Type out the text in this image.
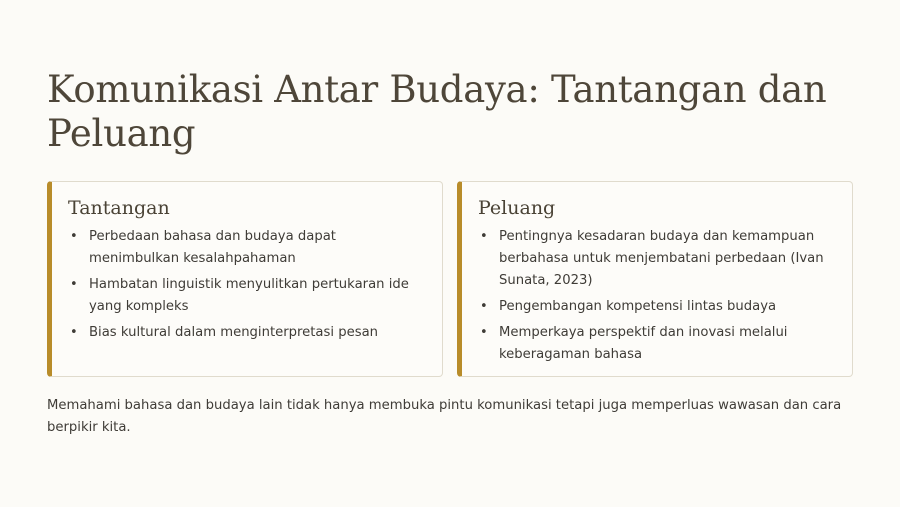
Komunikasi Antar Budaya: Tantangan dan Peluang
Tantangan
• Perbedaan bahasa dan budaya dapat menimbulkan kesalahpahaman
• Hambatan linguistik menyulitkan pertukaran ide yang kompleks
• Bias kultural dalam menginterpretasi pesan
Peluang
• Pentingnya kesadaran budaya dan kemampuan berbahasa untuk menjembatani perbedaan (Ivan Sunata, 2023)
• Pengembangan kompetensi lintas budaya
• Memperkaya perspektif dan inovasi melalui keberagaman bahasa

Memahami bahasa dan budaya lain tidak hanya membuka pintu komunikasi tetapi juga memperluas wawasan dan cara berpikir kita.
